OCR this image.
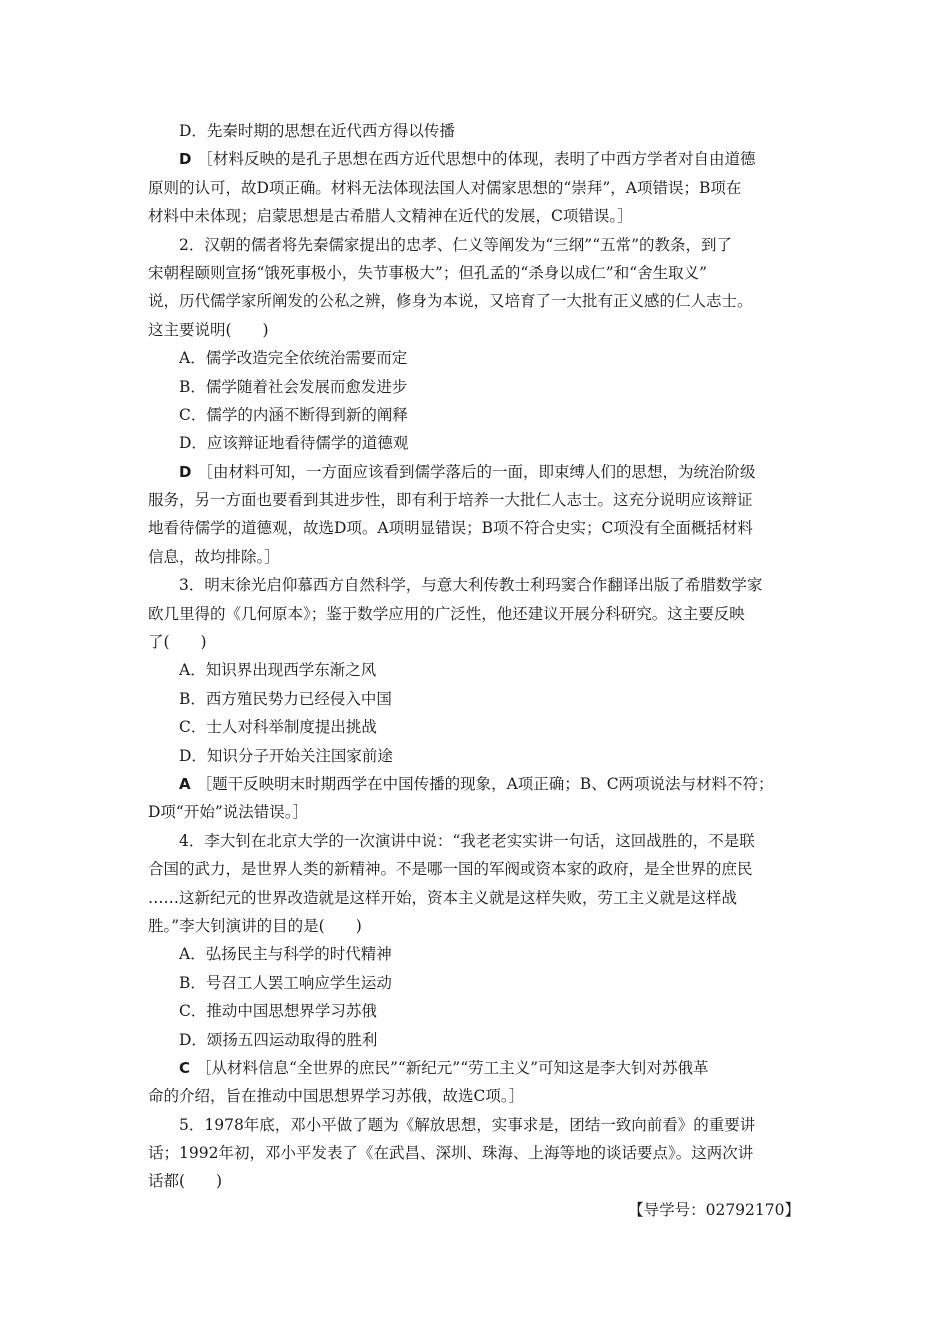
D．先秦时期的思想在近代西方得以传播
D ［材料反映的是孔子思想在西方近代思想中的体现，表明了中西方学者对自由道德
原则的认可，故D项正确。材料无法体现法国人对儒家思想的“崇拜”，A项错误；B项在
材料中未体现；启蒙思想是古希腊人文精神在近代的发展，C项错误。］
2．汉朝的儒者将先秦儒家提出的忠孝、仁义等阐发为“三纲”“五常”的教条，到了
宋朝程颐则宣扬“饿死事极小，失节事极大”；但孔孟的“杀身以成仁”和“舍生取义”
说，历代儒学家所阐发的公私之辨，修身为本说，又培育了一大批有正义感的仁人志士。
这主要说明(　　)
A．儒学改造完全依统治需要而定
B．儒学随着社会发展而愈发进步
C．儒学的内涵不断得到新的阐释
D．应该辩证地看待儒学的道德观
D ［由材料可知，一方面应该看到儒学落后的一面，即束缚人们的思想，为统治阶级
服务，另一方面也要看到其进步性，即有利于培养一大批仁人志士。这充分说明应该辩证
地看待儒学的道德观，故选D项。A项明显错误；B项不符合史实；C项没有全面概括材料
信息，故均排除。］
3．明末徐光启仰慕西方自然科学，与意大利传教士利玛窦合作翻译出版了希腊数学家
欧几里得的《几何原本》；鉴于数学应用的广泛性，他还建议开展分科研究。这主要反映
了(　　)
A．知识界出现西学东渐之风
B．西方殖民势力已经侵入中国
C．士人对科举制度提出挑战
D．知识分子开始关注国家前途
A ［题干反映明末时期西学在中国传播的现象，A项正确；B、C两项说法与材料不符；
D项“开始”说法错误。］
4．李大钊在北京大学的一次演讲中说：“我老老实实讲一句话，这回战胜的，不是联
合国的武力，是世界人类的新精神。不是哪一国的军阀或资本家的政府，是全世界的庶民
……这新纪元的世界改造就是这样开始，资本主义就是这样失败，劳工主义就是这样战
胜。”李大钊演讲的目的是(　　)
A．弘扬民主与科学的时代精神
B．号召工人罢工响应学生运动
C．推动中国思想界学习苏俄
D．颂扬五四运动取得的胜利
C ［从材料信息“全世界的庶民”“新纪元”“劳工主义”可知这是李大钊对苏俄革
命的介绍，旨在推动中国思想界学习苏俄，故选C项。］
5．1978年底，邓小平做了题为《解放思想，实事求是，团结一致向前看》的重要讲
话；1992年初，邓小平发表了《在武昌、深圳、珠海、上海等地的谈话要点》。这两次讲
话都(　　)
【导学号：02792170】
